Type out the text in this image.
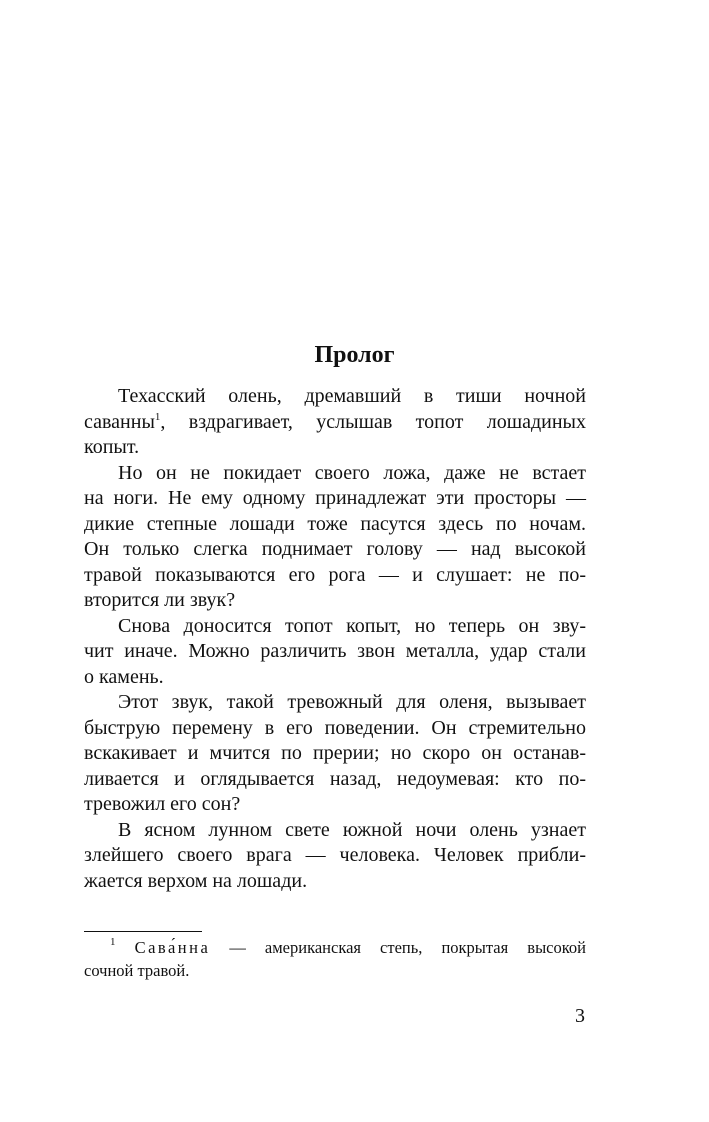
Пролог
Техасский олень, дремавший в тиши ночной
саванны$^1$, вздрагивает, услышав топот лошадиных
копыт.
Но он не покидает своего ложа, даже не встает
на ноги. Не ему одному принадлежат эти просторы —
дикие степные лошади тоже пасутся здесь по ночам.
Он только слегка поднимает голову — над высокой
травой показываются его рога — и слушает: не по-
вторится ли звук?
Снова доносится топот копыт, но теперь он зву-
чит иначе. Можно различить звон металла, удар стали
о камень.
Этот звук, такой тревожный для оленя, вызывает
быструю перемену в его поведении. Он стремительно
вскакивает и мчится по прерии; но скоро он останав-
ливается и оглядывается назад, недоумевая: кто по-
тревожил его сон?
В ясном лунном свете южной ночи олень узнает
злейшего своего врага — человека. Человек прибли-
жается верхом на лошади.
$^1$ Сава́нна — американская степь, покрытая высокой
сочной травой.
3
